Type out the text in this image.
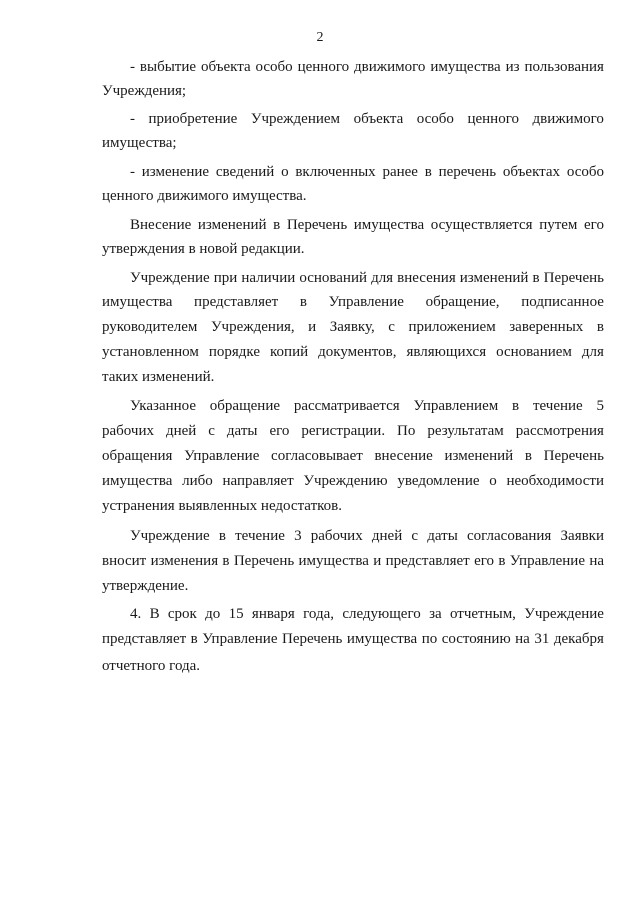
2
- выбытие объекта особо ценного движимого имущества из пользования
Учреждения;
- приобретение Учреждением объекта особо ценного движимого
имущества;
- изменение сведений о включенных ранее в перечень объектах особо
ценного движимого имущества.
Внесение изменений в Перечень имущества осуществляется путем его
утверждения в новой редакции.
Учреждение при наличии оснований для внесения изменений в Перечень
имущества представляет в Управление обращение, подписанное
руководителем Учреждения, и Заявку, с приложением заверенных в
установленном порядке копий документов, являющихся основанием для
таких изменений.
Указанное обращение рассматривается Управлением в течение 5
рабочих дней с даты его регистрации. По результатам рассмотрения
обращения Управление согласовывает внесение изменений в Перечень
имущества либо направляет Учреждению уведомление о необходимости
устранения выявленных недостатков.
Учреждение в течение 3 рабочих дней с даты согласования Заявки
вносит изменения в Перечень имущества и представляет его в Управление на
утверждение.
4. В срок до 15 января года, следующего за отчетным, Учреждение
представляет в Управление Перечень имущества по состоянию на 31 декабря
отчетного года.
